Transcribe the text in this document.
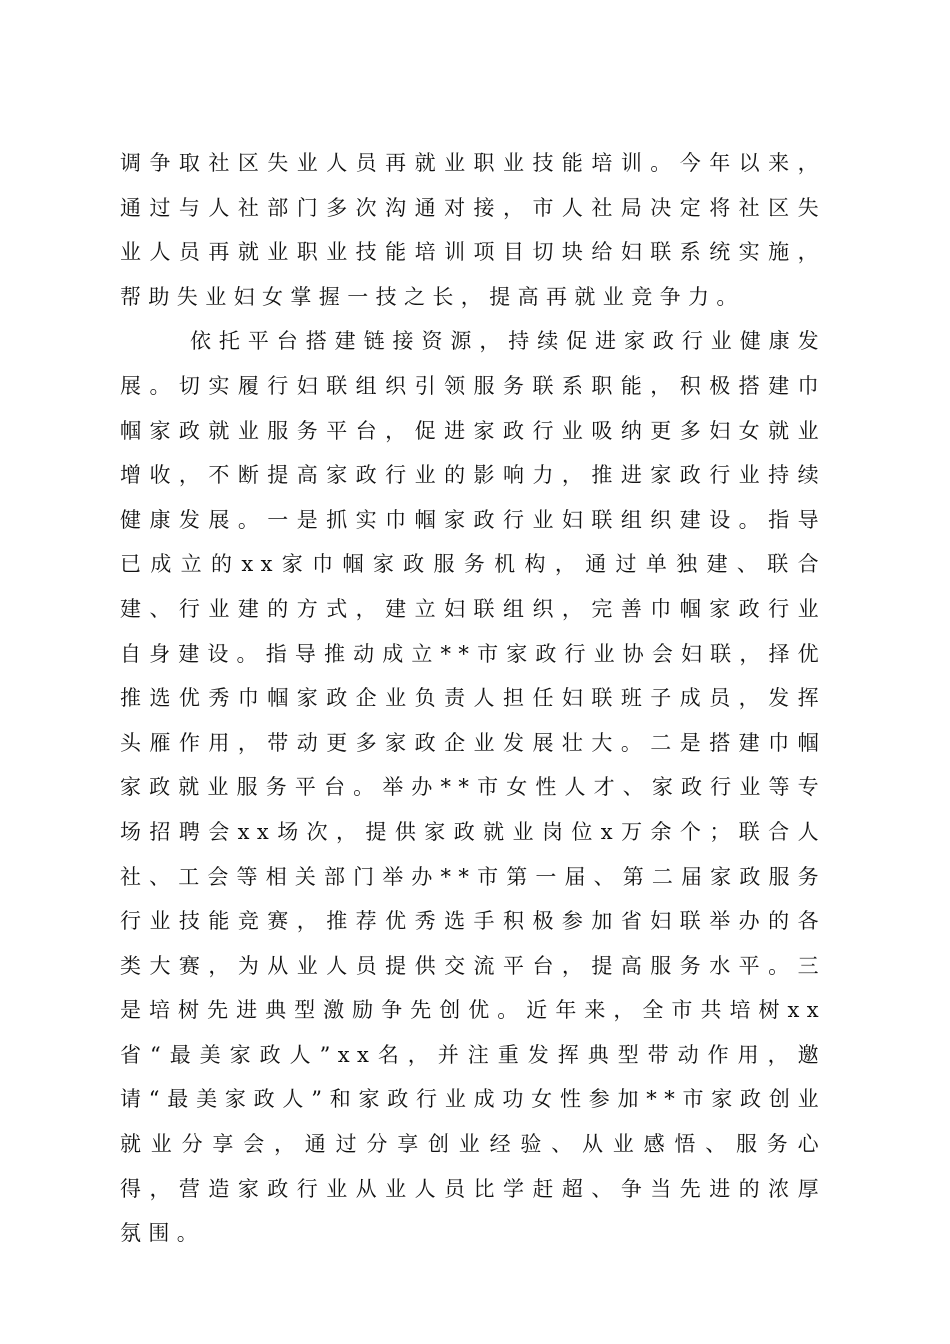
调争取社区失业人员再就业职业技能培训。今年以来，通过与人社部门多次沟通对接，市人社局决定将社区失业人员再就业职业技能培训项目切块给妇联系统实施，帮助失业妇女掌握一技之长，提高再就业竞争力。

依托平台搭建链接资源，持续促进家政行业健康发展。切实履行妇联组织引领服务联系职能，积极搭建巾帼家政就业服务平台，促进家政行业吸纳更多妇女就业增收，不断提高家政行业的影响力，推进家政行业持续健康发展。一是抓实巾帼家政行业妇联组织建设。指导已成立的xx家巾帼家政服务机构，通过单独建、联合建、行业建的方式，建立妇联组织，完善巾帼家政行业自身建设。指导推动成立**市家政行业协会妇联，择优推选优秀巾帼家政企业负责人担任妇联班子成员，发挥头雁作用，带动更多家政企业发展壮大。二是搭建巾帼家政就业服务平台。举办**市女性人才、家政行业等专场招聘会xx场次，提供家政就业岗位x万余个；联合人社、工会等相关部门举办**市第一届、第二届家政服务行业技能竞赛，推荐优秀选手积极参加省妇联举办的各类大赛，为从业人员提供交流平台，提高服务水平。三是培树先进典型激励争先创优。近年来，全市共培树xx省“最美家政人”xx名，并注重发挥典型带动作用，邀请“最美家政人”和家政行业成功女性参加**市家政创业就业分享会，通过分享创业经验、从业感悟、服务心得，营造家政行业从业人员比学赶超、争当先进的浓厚氛围。
